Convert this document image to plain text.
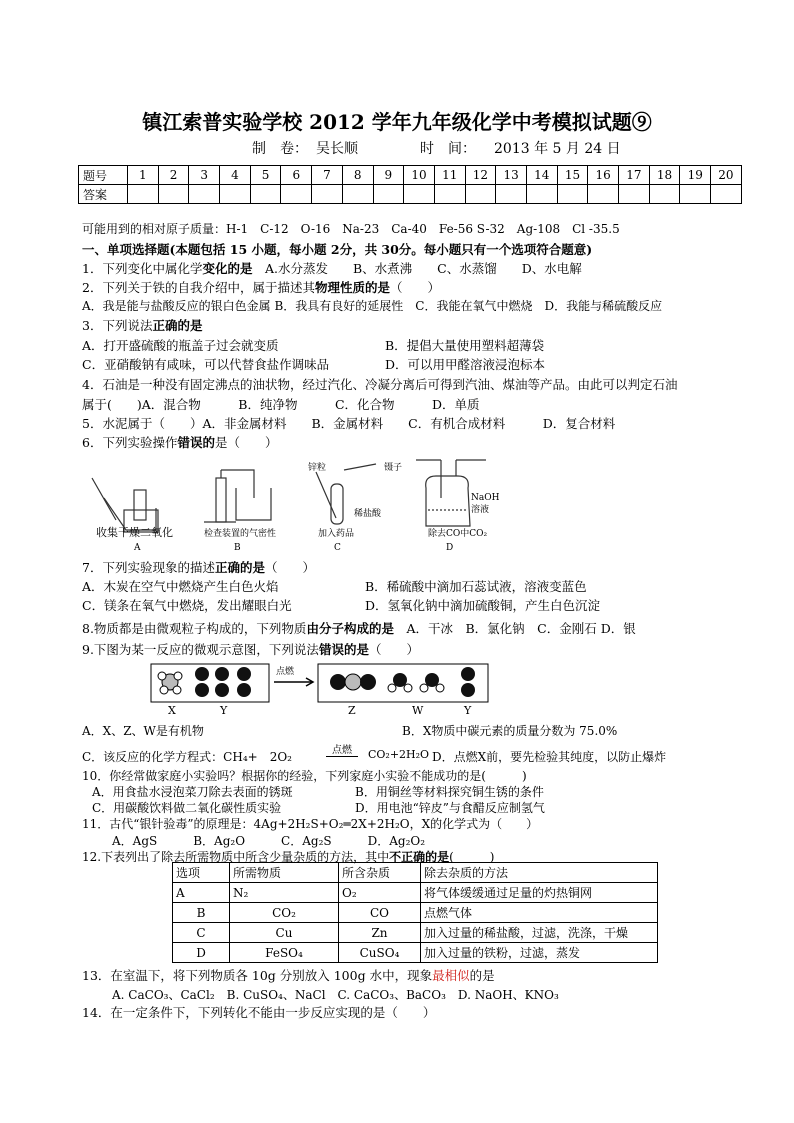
镇江索普实验学校 2012 学年九年级化学中考模拟试题⑨
制　卷： 吴长顺	时　间： 2013 年 5 月 24 日
题号	1	2	3	4	5	6	7	8	9	10	11	12	13	14	15	16	17	18	19	20
答案																				
可能用到的相对原子质量：H-1　C-12　O-16　Na-23　Ca-40　Fe-56 S-32　Ag-108　Cl -35.5
一、单项选择题(本题包括 15 小题，每小题 2分，共 30分。每小题只有一个选项符合题意)
1．下列变化中属化学变化的是　A.水分蒸发　　B、水煮沸　　C、水蒸馏　　D、水电解
2．下列关于铁的自我介绍中，属于描述其物理性质的是（　　）
A．我是能与盐酸反应的银白色金属 B．我具有良好的延展性　C．我能在氧气中燃烧　D．我能与稀硫酸反应
3．下列说法正确的是
A．打开盛硫酸的瓶盖子过会就变质	B．提倡大量使用塑料超薄袋
C．亚硝酸钠有咸味，可以代替食盐作调味品	D．可以用甲醛溶液浸泡标本
4．石油是一种没有固定沸点的油状物，经过汽化、冷凝分离后可得到汽油、煤油等产品。由此可以判定石油
属于(　　)A．混合物　　　B．纯净物　　　C．化合物　　　D．单质
5．水泥属于（　　）A．非金属材料　　B．金属材料　　C．有机合成材料　　　D．复合材料
6．下列实验操作错误的是（　　）
收集干燥二氧化
A
检查装置的气密性
B
锌粒	镊子
稀盐酸
加入药品
C
NaOH
溶液
除去CO中CO₂
D
7．下列实验现象的描述正确的是（　　）
A．木炭在空气中燃烧产生白色火焰	B．稀硫酸中滴加石蕊试液，溶液变蓝色
C．镁条在氧气中燃烧，发出耀眼白光	D．氢氧化钠中滴加硫酸铜，产生白色沉淀
8.物质都是由微观粒子构成的，下列物质由分子构成的是　A．干冰　B．氯化钠　C．金刚石 D．银
9.下图为某一反应的微观示意图，下列说法错误的是（　　）
X	Y
点燃
Z	W	Y
A．X、Z、W是有机物	B．X物质中碳元素的质量分数为 75.0%
C．该反应的化学方程式：CH₄+　2O₂	点燃	CO₂+2H₂O D．点燃X前，要先检验其纯度，以防止爆炸
10．你经常做家庭小实验吗？根据你的经验，下列家庭小实验不能成功的是(　　　)
A．用食盐水浸泡菜刀除去表面的锈斑	B．用铜丝等材料探究铜生锈的条件
C．用碳酸饮料做二氧化碳性质实验	D．用电池“锌皮”与食醋反应制氢气
11．古代“银针验毒”的原理是：4Ag+2H₂S+O₂═2X+2H₂O，X的化学式为（　　）
A．AgS　　　B．Ag₂O　　　C．Ag₂S　　　D．Ag₂O₂
12.下表列出了除去所需物质中所含少量杂质的方法，其中不正确的是(　　　)
选项	所需物质	所含杂质	除去杂质的方法
A	N₂	O₂	将气体缓缓通过足量的灼热铜网
B	CO₂	CO	点燃气体
C	Cu	Zn	加入过量的稀盐酸，过滤，洗涤，干燥
D	FeSO₄	CuSO₄	加入过量的铁粉，过滤，蒸发
13．在室温下，将下列物质各 10g 分别放入 100g 水中，现象最相似的是
A. CaCO₃、CaCl₂　B. CuSO₄、NaCl　C. CaCO₃、BaCO₃　D. NaOH、KNO₃
14．在一定条件下，下列转化不能由一步反应实现的是（　　）
